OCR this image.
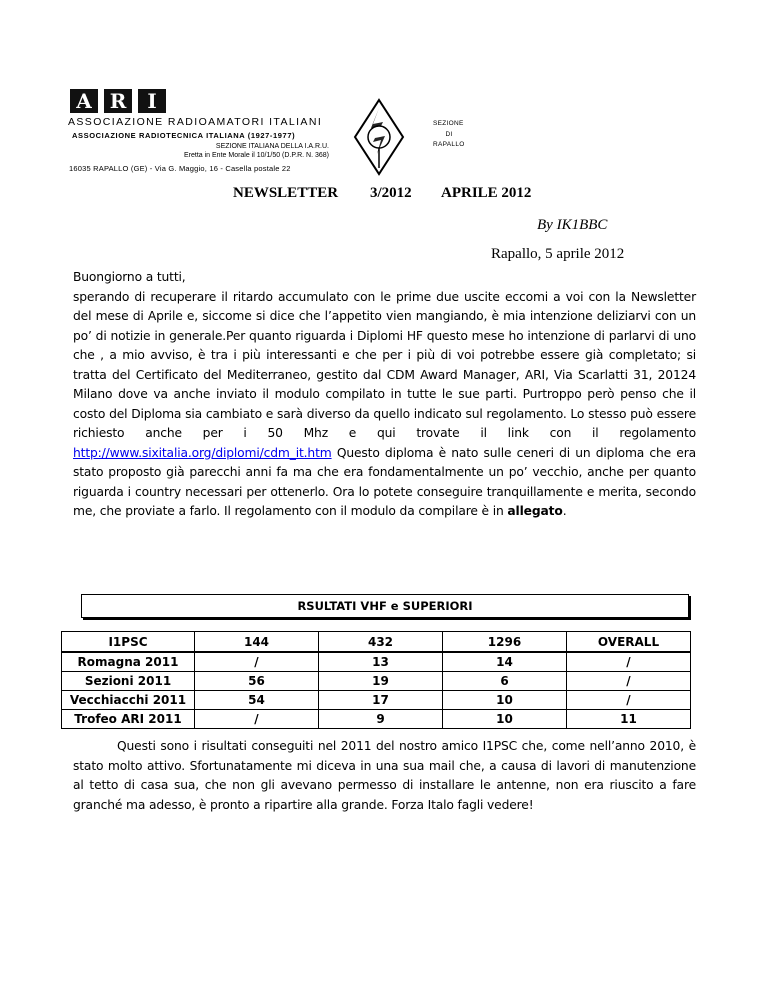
A R	I
ASSOCIAZIONE RADIOAMATORI ITALIANI
ASSOCIAZIONE RADIOTECNICA ITALIANA (1927-1977)
SEZIONE ITALIANA DELLA I.A.R.U.
Eretta in Ente Morale il 10/1/50 (D.P.R. N. 368)
16035 RAPALLO (GE) - Via G. Maggio, 16 - Casella postale 22
SEZIONE
DI
RAPALLO
NEWSLETTER 3/2012 APRILE 2012
By IK1BBC
Rapallo, 5 aprile 2012
Buongiorno a tutti,
sperando di recuperare il ritardo accumulato con le prime due uscite eccomi a voi con la Newsletter del mese di Aprile e, siccome si dice che l’appetito vien mangiando, è mia intenzione deliziarvi con un po’ di notizie in generale.Per quanto riguarda i Diplomi HF questo mese ho intenzione di parlarvi di uno che , a mio avviso, è tra i più interessanti e che per i più di voi potrebbe essere già completato; si tratta del Certificato del Mediterraneo, gestito dal CDM Award Manager, ARI, Via Scarlatti 31, 20124 Milano dove va anche inviato il modulo compilato in tutte le sue parti. Purtroppo però penso che il costo del Diploma sia cambiato e sarà diverso da quello indicato sul regolamento. Lo stesso può essere richiesto anche per i 50 Mhz e qui trovate il link con il regolamento http://www.sixitalia.org/diplomi/cdm_it.htm Questo diploma è nato sulle ceneri di un diploma che era stato proposto già parecchi anni fa ma che era fondamentalmente un po’ vecchio, anche per quanto riguarda i country necessari per ottenerlo. Ora lo potete conseguire tranquillamente e merita, secondo me, che proviate a farlo. Il regolamento con il modulo da compilare è in allegato.
RSULTATI VHF e SUPERIORI
I1PSC	144	432	1296	OVERALL
Romagna 2011	/	13	14	/
Sezioni 2011	56	19	6	/
Vecchiacchi 2011	54	17	10	/
Trofeo ARI 2011	/	9	10	11
Questi sono i risultati conseguiti nel 2011 del nostro amico I1PSC che, come nell’anno 2010, è stato molto attivo. Sfortunatamente mi diceva in una sua mail che, a causa di lavori di manutenzione al tetto di casa sua, che non gli avevano permesso di installare le antenne, non era riuscito a fare granché ma adesso, è pronto a ripartire alla grande. Forza Italo fagli vedere!
